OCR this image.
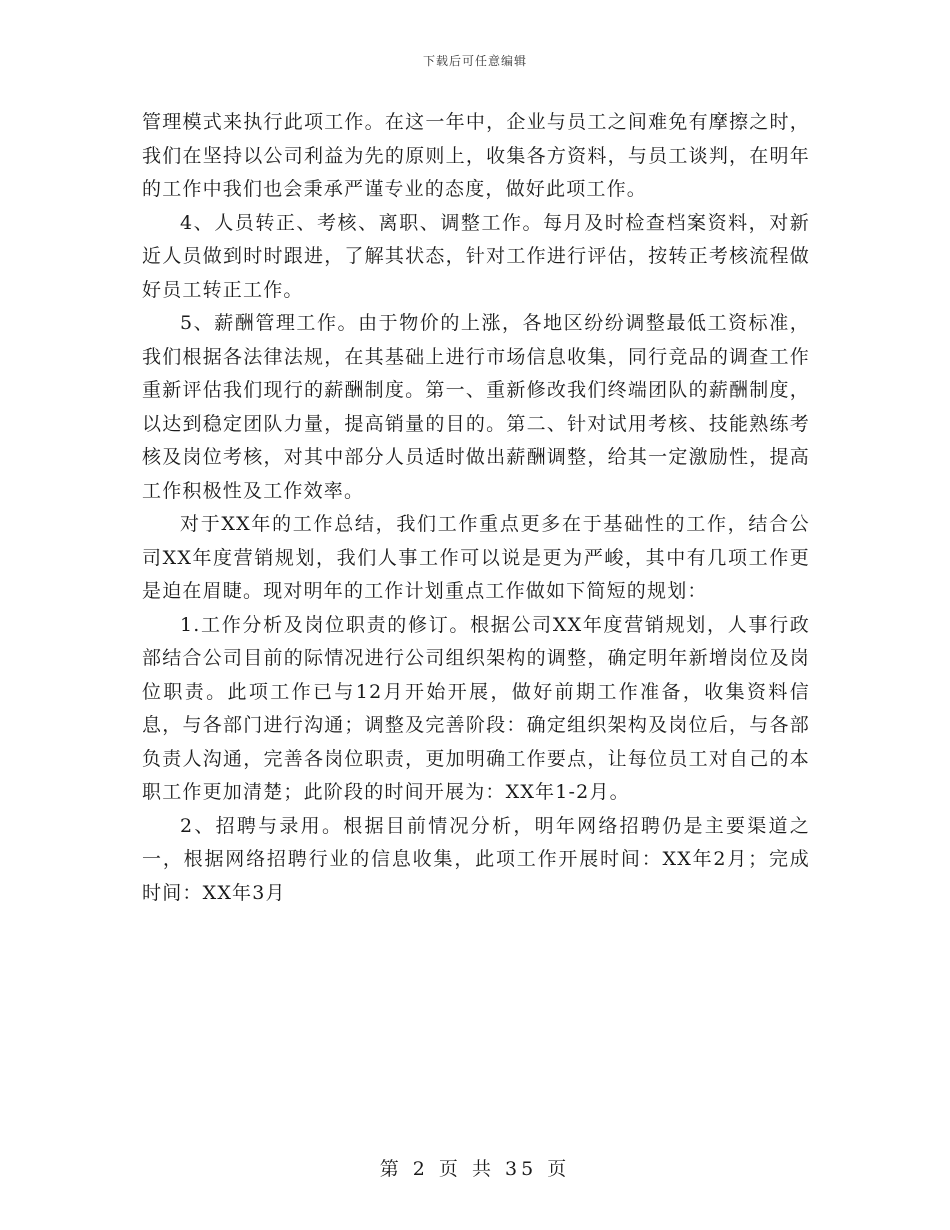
下载后可任意编辑

管理模式来执行此项工作。在这一年中，企业与员工之间难免有摩擦之时，我们在坚持以公司利益为先的原则上，收集各方资料，与员工谈判，在明年的工作中我们也会秉承严谨专业的态度，做好此项工作。

4、人员转正、考核、离职、调整工作。每月及时检查档案资料，对新近人员做到时时跟进，了解其状态，针对工作进行评估，按转正考核流程做好员工转正工作。

5、薪酬管理工作。由于物价的上涨，各地区纷纷调整最低工资标准，我们根据各法律法规，在其基础上进行市场信息收集，同行竞品的调查工作重新评估我们现行的薪酬制度。第一、重新修改我们终端团队的薪酬制度，以达到稳定团队力量，提高销量的目的。第二、针对试用考核、技能熟练考核及岗位考核，对其中部分人员适时做出薪酬调整，给其一定激励性，提高工作积极性及工作效率。

对于XX年的工作总结，我们工作重点更多在于基础性的工作，结合公司XX年度营销规划，我们人事工作可以说是更为严峻，其中有几项工作更是迫在眉睫。现对明年的工作计划重点工作做如下简短的规划：

1.工作分析及岗位职责的修订。根据公司XX年度营销规划，人事行政部结合公司目前的际情况进行公司组织架构的调整，确定明年新增岗位及岗位职责。此项工作已与12月开始开展，做好前期工作准备，收集资料信息，与各部门进行沟通；调整及完善阶段：确定组织架构及岗位后，与各部负责人沟通，完善各岗位职责，更加明确工作要点，让每位员工对自己的本职工作更加清楚；此阶段的时间开展为：XX年1-2月。

2、招聘与录用。根据目前情况分析，明年网络招聘仍是主要渠道之一，根据网络招聘行业的信息收集，此项工作开展时间：XX年2月；完成时间：XX年3月

第 2 页 共 35 页
